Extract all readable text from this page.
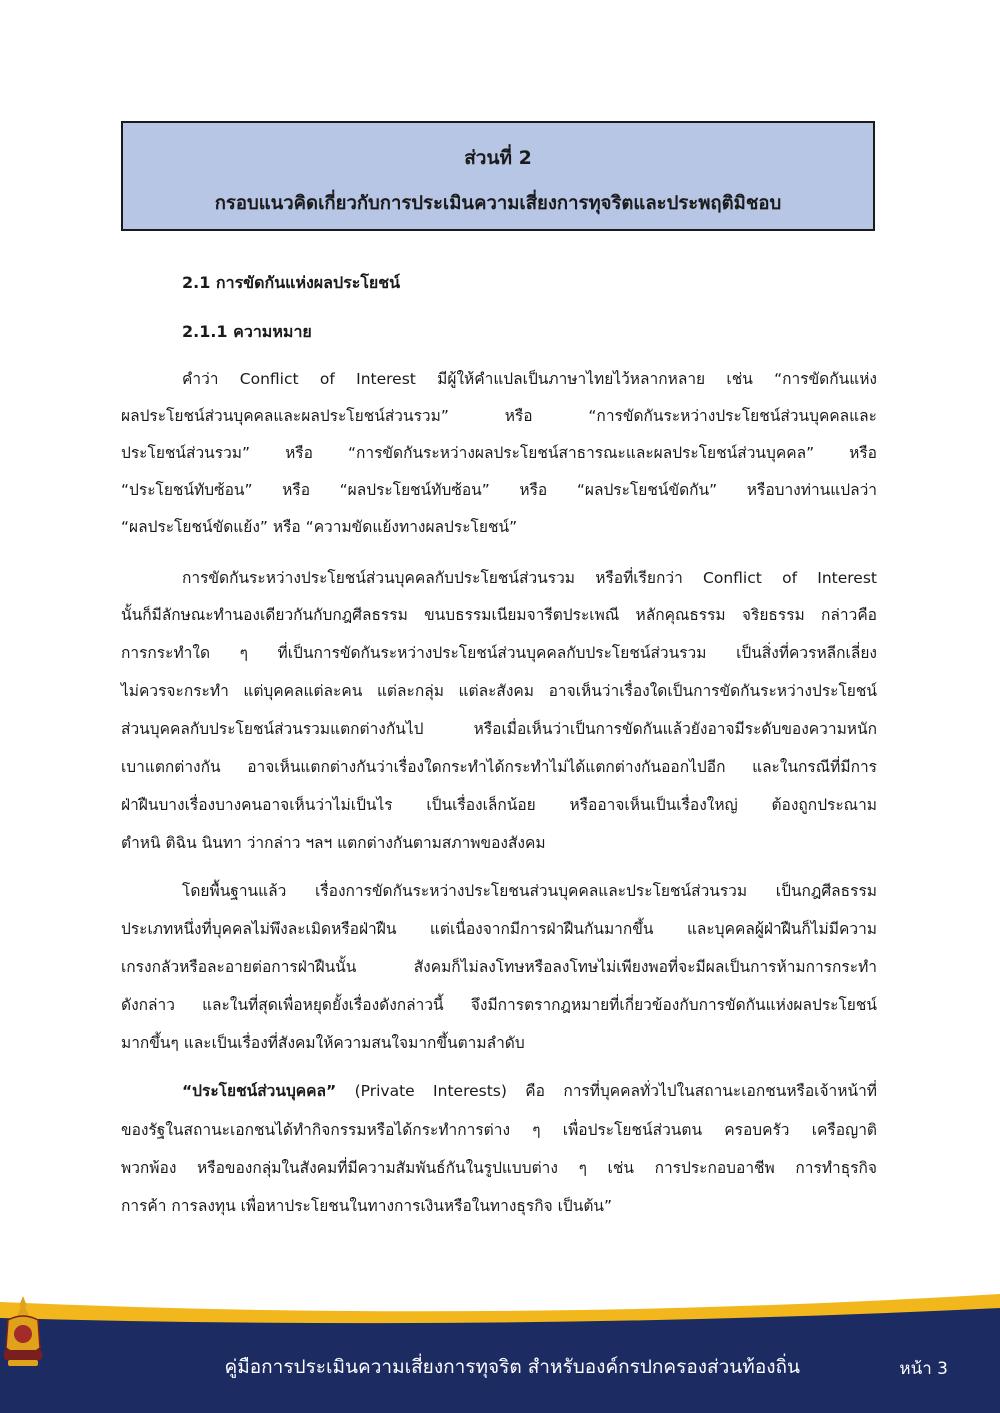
ส่วนที่ 2
กรอบแนวคิดเกี่ยวกับการประเมินความเสี่ยงการทุจริตและประพฤติมิชอบ
2.1 การขัดกันแห่งผลประโยชน์
2.1.1 ความหมาย
คำว่า Conflict of Interest มีผู้ให้คำแปลเป็นภาษาไทยไว้หลากหลาย เช่น “การขัดกันแห่ง
ผลประโยชน์ส่วนบุคคลและผลประโยชน์ส่วนรวม” หรือ “การขัดกันระหว่างประโยชน์ส่วนบุคคลและ
ประโยชน์ส่วนรวม” หรือ “การขัดกันระหว่างผลประโยชน์สาธารณะและผลประโยชน์ส่วนบุคคล” หรือ
“ประโยชน์ทับซ้อน” หรือ “ผลประโยชน์ทับซ้อน” หรือ “ผลประโยชน์ขัดกัน” หรือบางท่านแปลว่า
“ผลประโยชน์ขัดแย้ง” หรือ “ความขัดแย้งทางผลประโยชน์”
การขัดกันระหว่างประโยชน์ส่วนบุคคลกับประโยชน์ส่วนรวม หรือที่เรียกว่า Conflict of Interest
นั้นก็มีลักษณะทำนองเดียวกันกับกฎศีลธรรม ขนบธรรมเนียมจารีตประเพณี หลักคุณธรรม จริยธรรม กล่าวคือ
การกระทำใด ๆ ที่เป็นการขัดกันระหว่างประโยชน์ส่วนบุคคลกับประโยชน์ส่วนรวม เป็นสิ่งที่ควรหลีกเลี่ยง
ไม่ควรจะกระทำ แต่บุคคลแต่ละคน แต่ละกลุ่ม แต่ละสังคม อาจเห็นว่าเรื่องใดเป็นการขัดกันระหว่างประโยชน์
ส่วนบุคคลกับประโยชน์ส่วนรวมแตกต่างกันไป หรือเมื่อเห็นว่าเป็นการขัดกันแล้วยังอาจมีระดับของความหนัก
เบาแตกต่างกัน อาจเห็นแตกต่างกันว่าเรื่องใดกระทำได้กระทำไม่ได้แตกต่างกันออกไปอีก และในกรณีที่มีการ
ฝ่าฝืนบางเรื่องบางคนอาจเห็นว่าไม่เป็นไร เป็นเรื่องเล็กน้อย หรืออาจเห็นเป็นเรื่องใหญ่ ต้องถูกประณาม
ตำหนิ ติฉิน นินทา ว่ากล่าว ฯลฯ แตกต่างกันตามสภาพของสังคม
โดยพื้นฐานแล้ว เรื่องการขัดกันระหว่างประโยชนส่วนบุคคลและประโยชน์ส่วนรวม เป็นกฎศีลธรรม
ประเภทหนึ่งที่บุคคลไม่พึงละเมิดหรือฝ่าฝืน แต่เนื่องจากมีการฝ่าฝืนกันมากขึ้น และบุคคลผู้ฝ่าฝืนก็ไม่มีความ
เกรงกลัวหรือละอายต่อการฝ่าฝืนนั้น สังคมก็ไม่ลงโทษหรือลงโทษไม่เพียงพอที่จะมีผลเป็นการห้ามการกระทำ
ดังกล่าว และในที่สุดเพื่อหยุดยั้งเรื่องดังกล่าวนี้ จึงมีการตรากฎหมายที่เกี่ยวข้องกับการขัดกันแห่งผลประโยชน์
มากขึ้นๆ และเป็นเรื่องที่สังคมให้ความสนใจมากขึ้นตามลำดับ
“ประโยชน์ส่วนบุคคล” (Private Interests) คือ การที่บุคคลทั่วไปในสถานะเอกชนหรือเจ้าหน้าที่
ของรัฐในสถานะเอกชนได้ทำกิจกรรมหรือได้กระทำการต่าง ๆ เพื่อประโยชน์ส่วนตน ครอบครัว เครือญาติ
พวกพ้อง หรือของกลุ่มในสังคมที่มีความสัมพันธ์กันในรูปแบบต่าง ๆ เช่น การประกอบอาชีพ การทำธุรกิจ
การค้า การลงทุน เพื่อหาประโยชนในทางการเงินหรือในทางธุรกิจ เป็นต้น”
คู่มือการประเมินความเสี่ยงการทุจริต สำหรับองค์กรปกครองส่วนท้องถิ่น	หน้า 3
